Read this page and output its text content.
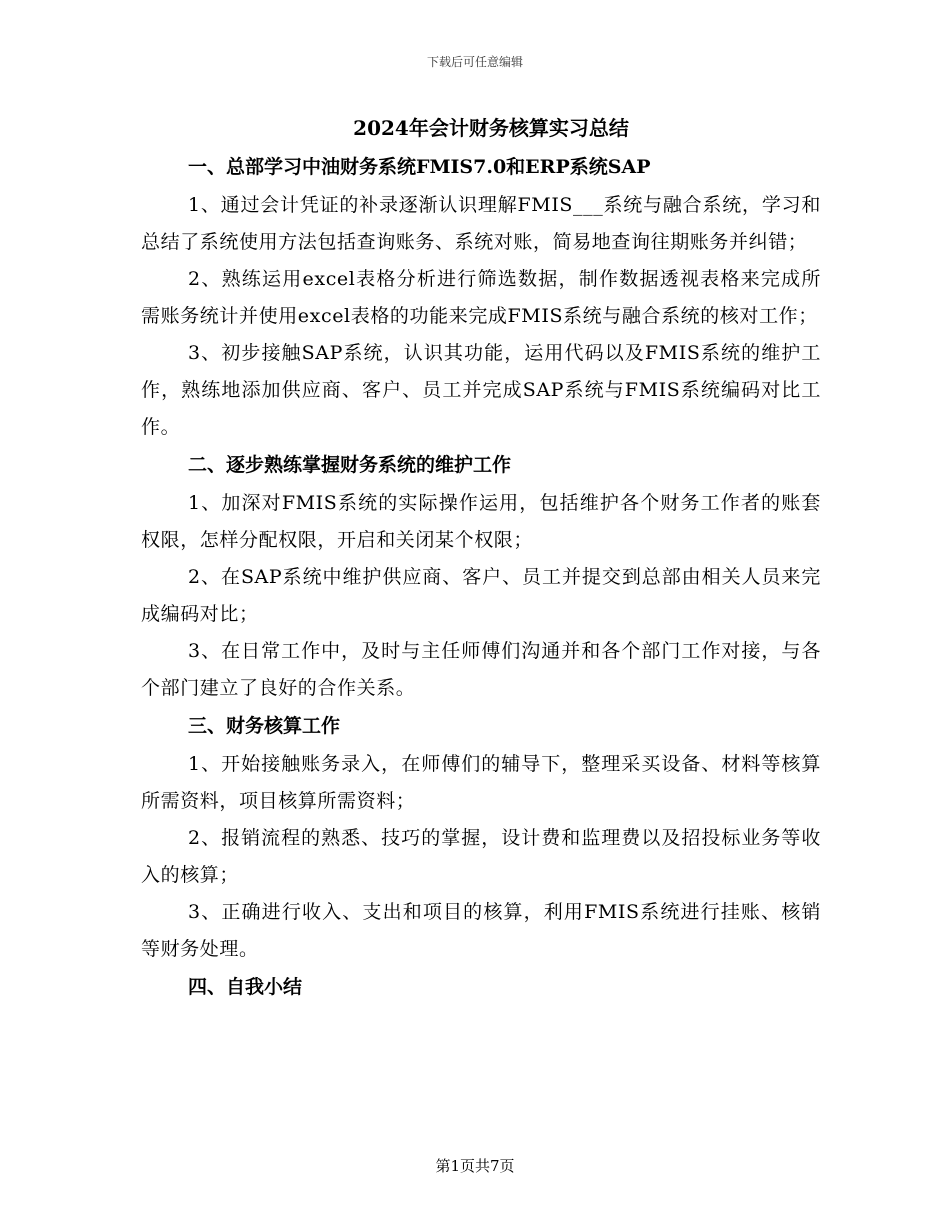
下载后可任意编辑
2024年会计财务核算实习总结
一、总部学习中油财务系统FMIS7.0和ERP系统SAP

1、通过会计凭证的补录逐渐认识理解FMIS___系统与融合系统，学习和总结了系统使用方法包括查询账务、系统对账，简易地查询往期账务并纠错；

2、熟练运用excel表格分析进行筛选数据，制作数据透视表格来完成所需账务统计并使用excel表格的功能来完成FMIS系统与融合系统的核对工作；

3、初步接触SAP系统，认识其功能，运用代码以及FMIS系统的维护工作，熟练地添加供应商、客户、员工并完成SAP系统与FMIS系统编码对比工作。

二、逐步熟练掌握财务系统的维护工作

1、加深对FMIS系统的实际操作运用，包括维护各个财务工作者的账套权限，怎样分配权限，开启和关闭某个权限；

2、在SAP系统中维护供应商、客户、员工并提交到总部由相关人员来完成编码对比；

3、在日常工作中，及时与主任师傅们沟通并和各个部门工作对接，与各个部门建立了良好的合作关系。

三、财务核算工作

1、开始接触账务录入，在师傅们的辅导下，整理采买设备、材料等核算所需资料，项目核算所需资料；

2、报销流程的熟悉、技巧的掌握，设计费和监理费以及招投标业务等收入的核算；

3、正确进行收入、支出和项目的核算，利用FMIS系统进行挂账、核销等财务处理。

四、自我小结
第1页共7页
